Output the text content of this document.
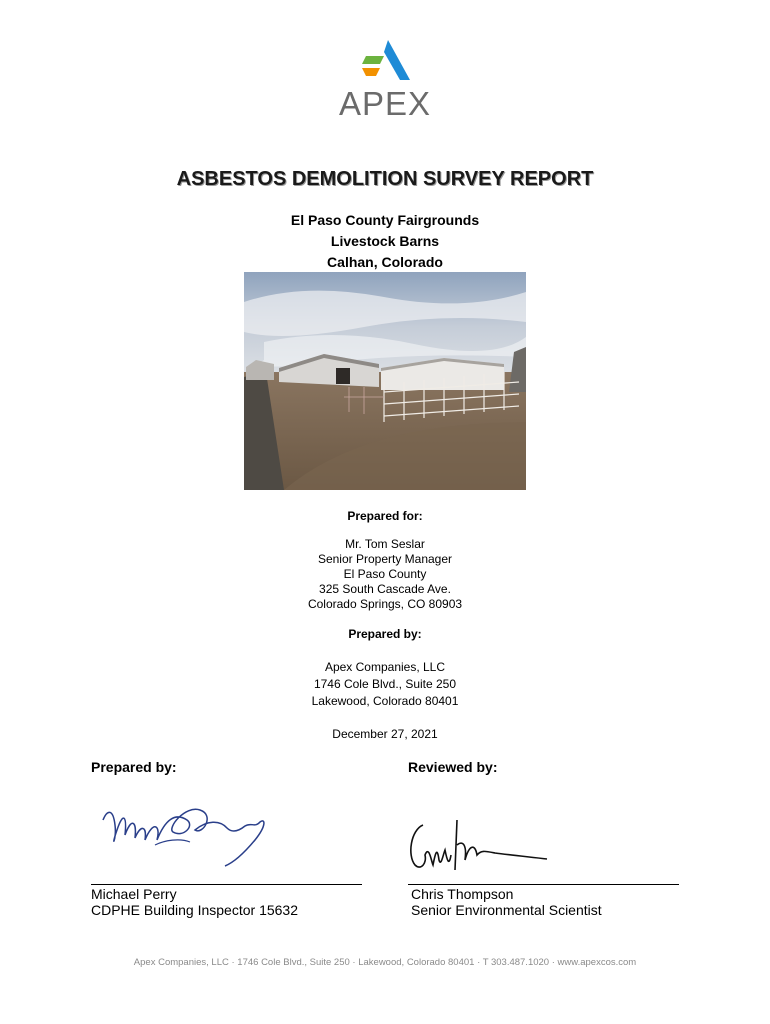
APEX
ASBESTOS DEMOLITION SURVEY REPORT
El Paso County Fairgrounds
Livestock Barns
Calhan, Colorado
Prepared for:
Mr. Tom Seslar
Senior Property Manager
El Paso County
325 South Cascade Ave.
Colorado Springs, CO 80903
Prepared by:
Apex Companies, LLC
1746 Cole Blvd., Suite 250
Lakewood, Colorado 80401
December 27, 2021
Prepared by:	Reviewed by:
Michael Perry
CDPHE Building Inspector 15632
Chris Thompson
Senior Environmental Scientist
Apex Companies, LLC · 1746 Cole Blvd., Suite 250 · Lakewood, Colorado 80401 · T 303.487.1020 · www.apexcos.com
